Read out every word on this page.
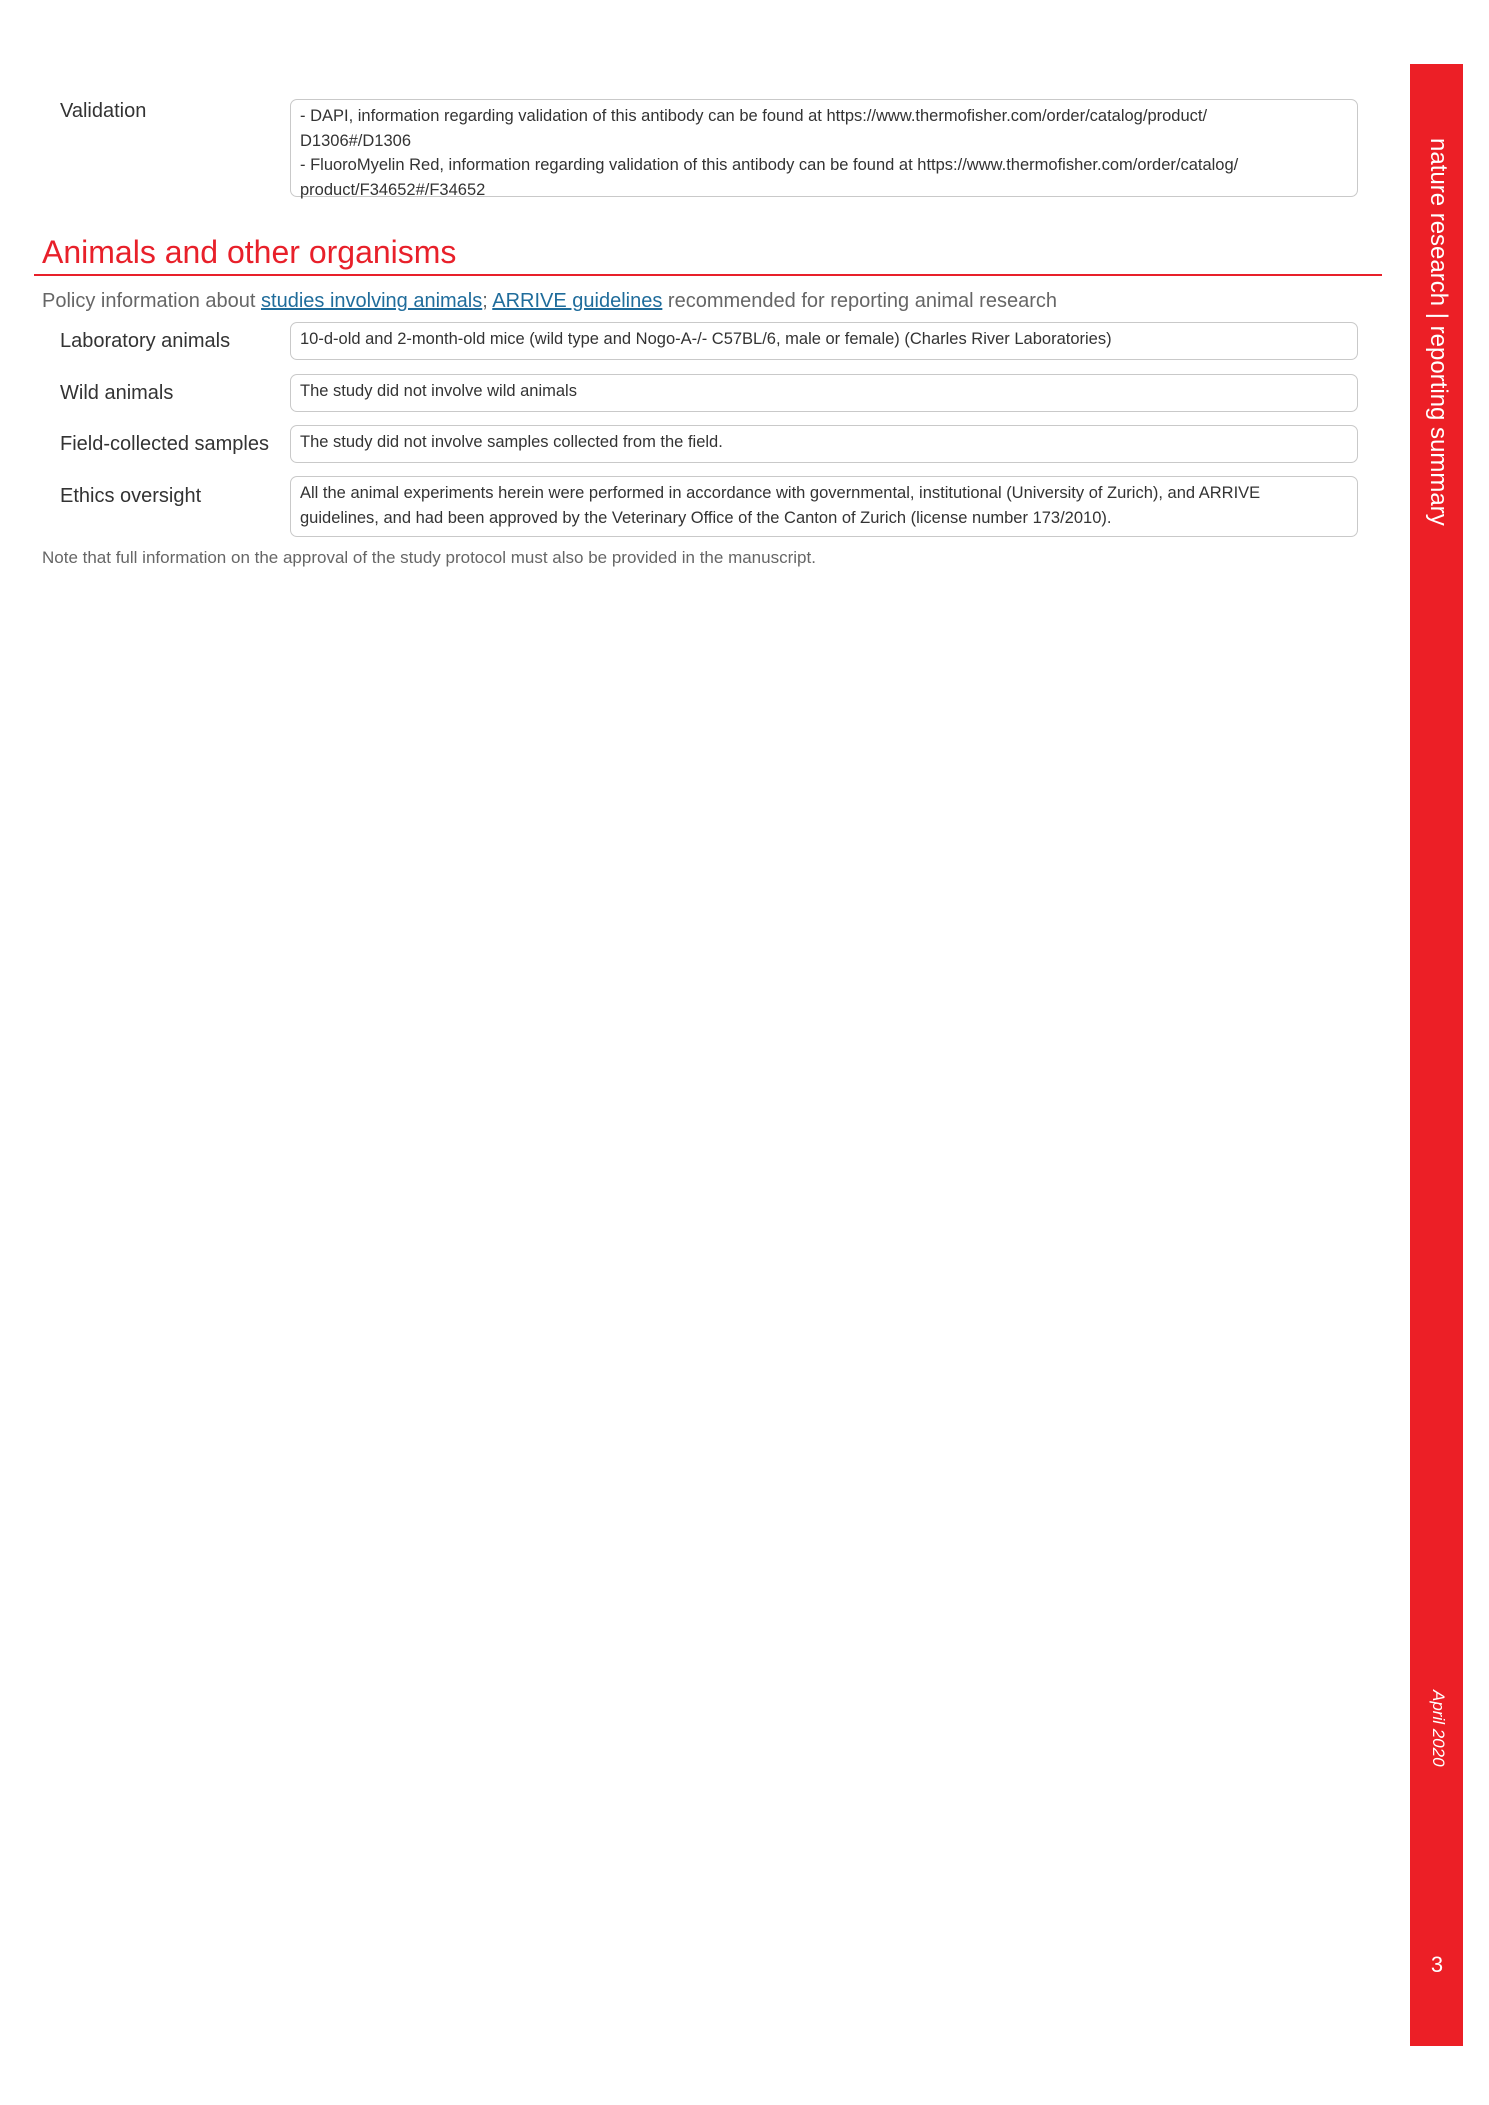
Validation	- DAPI, information regarding validation of this antibody can be found at https://www.thermofisher.com/order/catalog/product/
D1306#/D1306
- FluoroMyelin Red, information regarding validation of this antibody can be found at https://www.thermofisher.com/order/catalog/
product/F34652#/F34652
Animals and other organisms
Policy information about studies involving animals; ARRIVE guidelines recommended for reporting animal research
Laboratory animals	10-d-old and 2-month-old mice (wild type and Nogo-A-/- C57BL/6, male or female) (Charles River Laboratories)
Wild animals	The study did not involve wild animals
Field-collected samples The study did not involve samples collected from the field.
Ethics oversight	All the animal experiments herein were performed in accordance with governmental, institutional (University of Zurich), and ARRIVE
guidelines, and had been approved by the Veterinary Office of the Canton of Zurich (license number 173/2010).
Note that full information on the approval of the study protocol must also be provided in the manuscript.
nature research | reporting summary
April 2020
3
